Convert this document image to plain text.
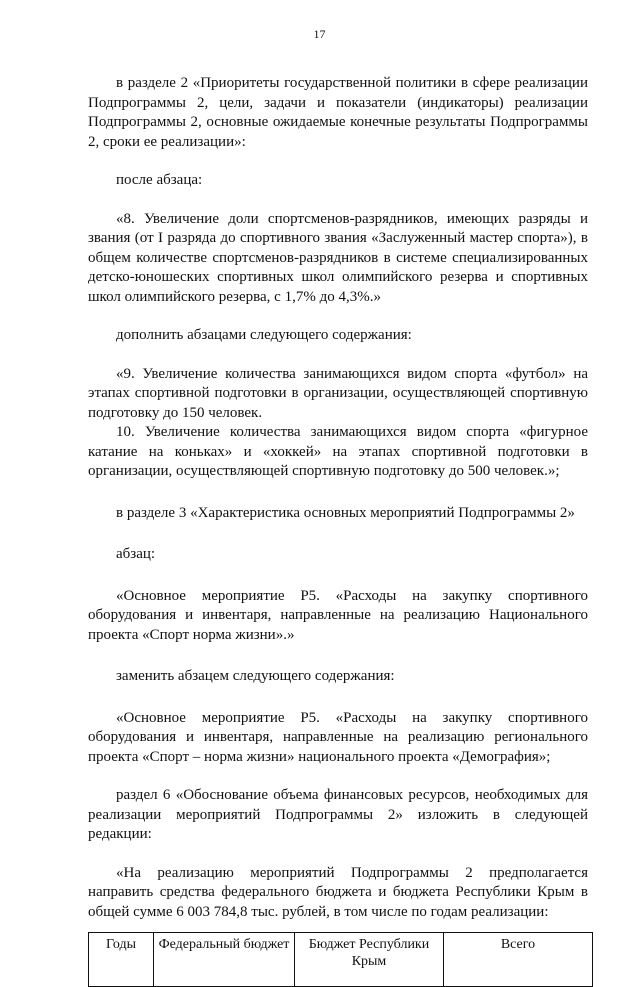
17

в разделе 2 «Приоритеты государственной политики в сфере реализации Подпрограммы 2, цели, задачи и показатели (индикаторы) реализации Подпрограммы 2, основные ожидаемые конечные результаты Подпрограммы 2, сроки ее реализации»:

после абзаца:

«8. Увеличение доли спортсменов-разрядников, имеющих разряды и звания (от I разряда до спортивного звания «Заслуженный мастер спорта»), в общем количестве спортсменов-разрядников в системе специализированных детско-юношеских спортивных школ олимпийского резерва и спортивных школ олимпийского резерва, с 1,7% до 4,3%.»

дополнить абзацами следующего содержания:

«9. Увеличение количества занимающихся видом спорта «футбол» на этапах спортивной подготовки в организации, осуществляющей спортивную подготовку до 150 человек.

10. Увеличение количества занимающихся видом спорта «фигурное катание на коньках» и «хоккей» на этапах спортивной подготовки в организации, осуществляющей спортивную подготовку до 500 человек.»;

в разделе 3 «Характеристика основных мероприятий Подпрограммы 2»

абзац:

«Основное мероприятие Р5. «Расходы на закупку спортивного оборудования и инвентаря, направленные на реализацию Национального проекта «Спорт норма жизни».»

заменить абзацем следующего содержания:

«Основное мероприятие Р5. «Расходы на закупку спортивного оборудования и инвентаря, направленные на реализацию регионального проекта «Спорт – норма жизни» национального проекта «Демография»;

раздел 6 «Обоснование объема финансовых ресурсов, необходимых для реализации мероприятий Подпрограммы 2» изложить в следующей редакции:

«На реализацию мероприятий Подпрограммы 2 предполагается направить средства федерального бюджета и бюджета Республики Крым в общей сумме 6 003 784,8 тыс. рублей, в том числе по годам реализации:

Годы	Федеральный бюджет	Бюджет Республики Крым	Всего
